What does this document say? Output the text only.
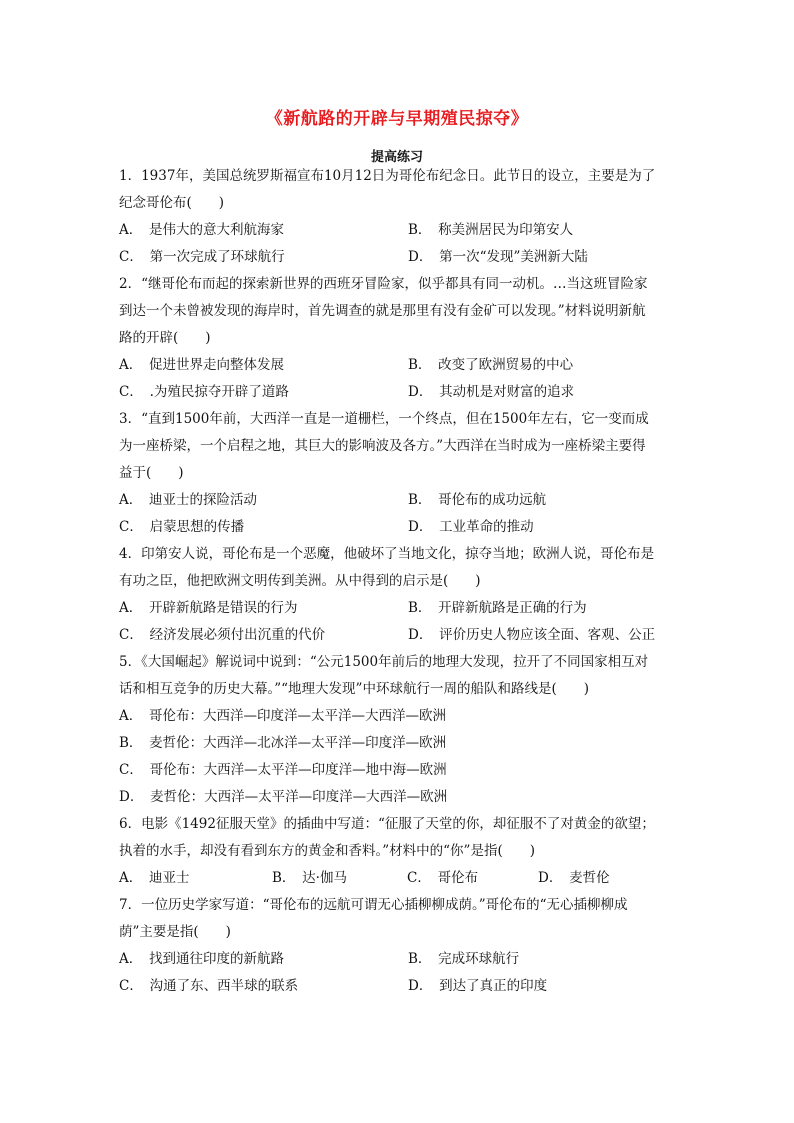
《新航路的开辟与早期殖民掠夺》
提高练习
1．1937年，美国总统罗斯福宣布10月12日为哥伦布纪念日。此节日的设立，主要是为了
纪念哥伦布(　　)
A．　是伟大的意大利航海家	B．　称美洲居民为印第安人
C．　第一次完成了环球航行	D．　第一次“发现”美洲新大陆
2．“继哥伦布而起的探索新世界的西班牙冒险家，似乎都具有同一动机。…当这班冒险家
到达一个未曾被发现的海岸时，首先调查的就是那里有没有金矿可以发现。”材料说明新航
路的开辟(　　)
A．　促进世界走向整体发展	B．　改变了欧洲贸易的中心
C．　.为殖民掠夺开辟了道路	D．　其动机是对财富的追求
3．“直到1500年前，大西洋一直是一道栅栏，一个终点，但在1500年左右，它一变而成
为一座桥梁，一个启程之地，其巨大的影响波及各方。”大西洋在当时成为一座桥梁主要得
益于(　　)
A．　迪亚士的探险活动	B．　哥伦布的成功远航
C．　启蒙思想的传播	D．　工业革命的推动
4．印第安人说，哥伦布是一个恶魔，他破坏了当地文化，掠夺当地；欧洲人说，哥伦布是
有功之臣，他把欧洲文明传到美洲。从中得到的启示是(　　)
A．　开辟新航路是错误的行为	B．　开辟新航路是正确的行为
C．　经济发展必须付出沉重的代价	D．　评价历史人物应该全面、客观、公正
5．《大国崛起》解说词中说到：“公元1500年前后的地理大发现，拉开了不同国家相互对
话和相互竞争的历史大幕。”“地理大发现”中环球航行一周的船队和路线是(　　)
A．　哥伦布：大西洋—印度洋—太平洋—大西洋—欧洲
B．　麦哲伦：大西洋—北冰洋—太平洋—印度洋—欧洲
C．　哥伦布：大西洋—太平洋—印度洋—地中海—欧洲
D．　麦哲伦：大西洋—太平洋—印度洋—大西洋—欧洲
6．电影《1492征服天堂》的插曲中写道：“征服了天堂的你，却征服不了对黄金的欲望；
执着的水手，却没有看到东方的黄金和香料。”材料中的“你”是指(　　)
A．　迪亚士	B．　达·伽马	C．　哥伦布	D．　麦哲伦
7．一位历史学家写道：“哥伦布的远航可谓无心插柳柳成荫。”哥伦布的“无心插柳柳成
荫”主要是指(　　)
A．　找到通往印度的新航路	B．　完成环球航行
C．　沟通了东、西半球的联系	D．　到达了真正的印度
